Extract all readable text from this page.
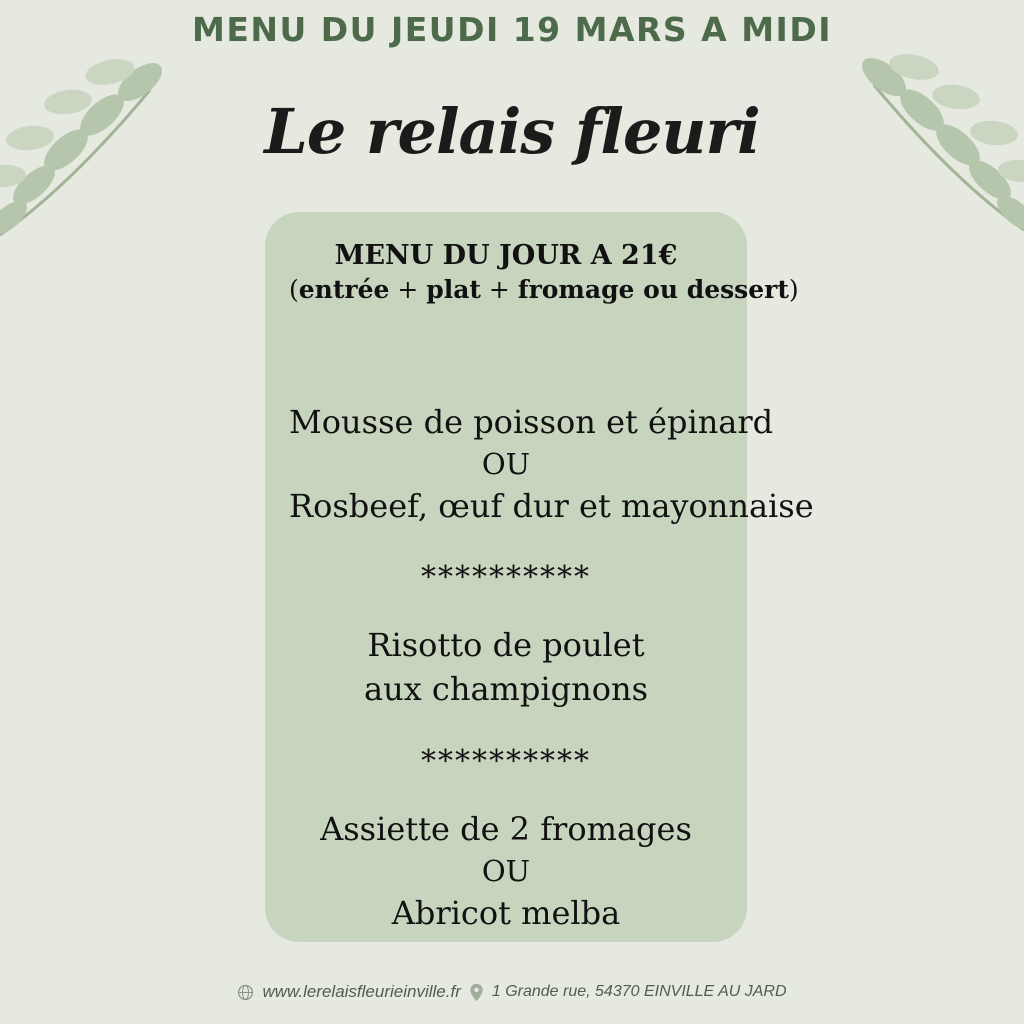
MENU DU JEUDI 19 MARS A MIDI
Le relais fleuri
MENU DU JOUR A 21€
(entrée + plat + fromage ou dessert)
Mousse de poisson et épinard
OU
Rosbeef, œuf dur et mayonnaise
**********
Risotto de poulet
aux champignons
**********
Assiette de 2 fromages
OU
Abricot melba
www.lerelaisfleurieinville.fr 1 Grande rue, 54370 EINVILLE AU JARD
